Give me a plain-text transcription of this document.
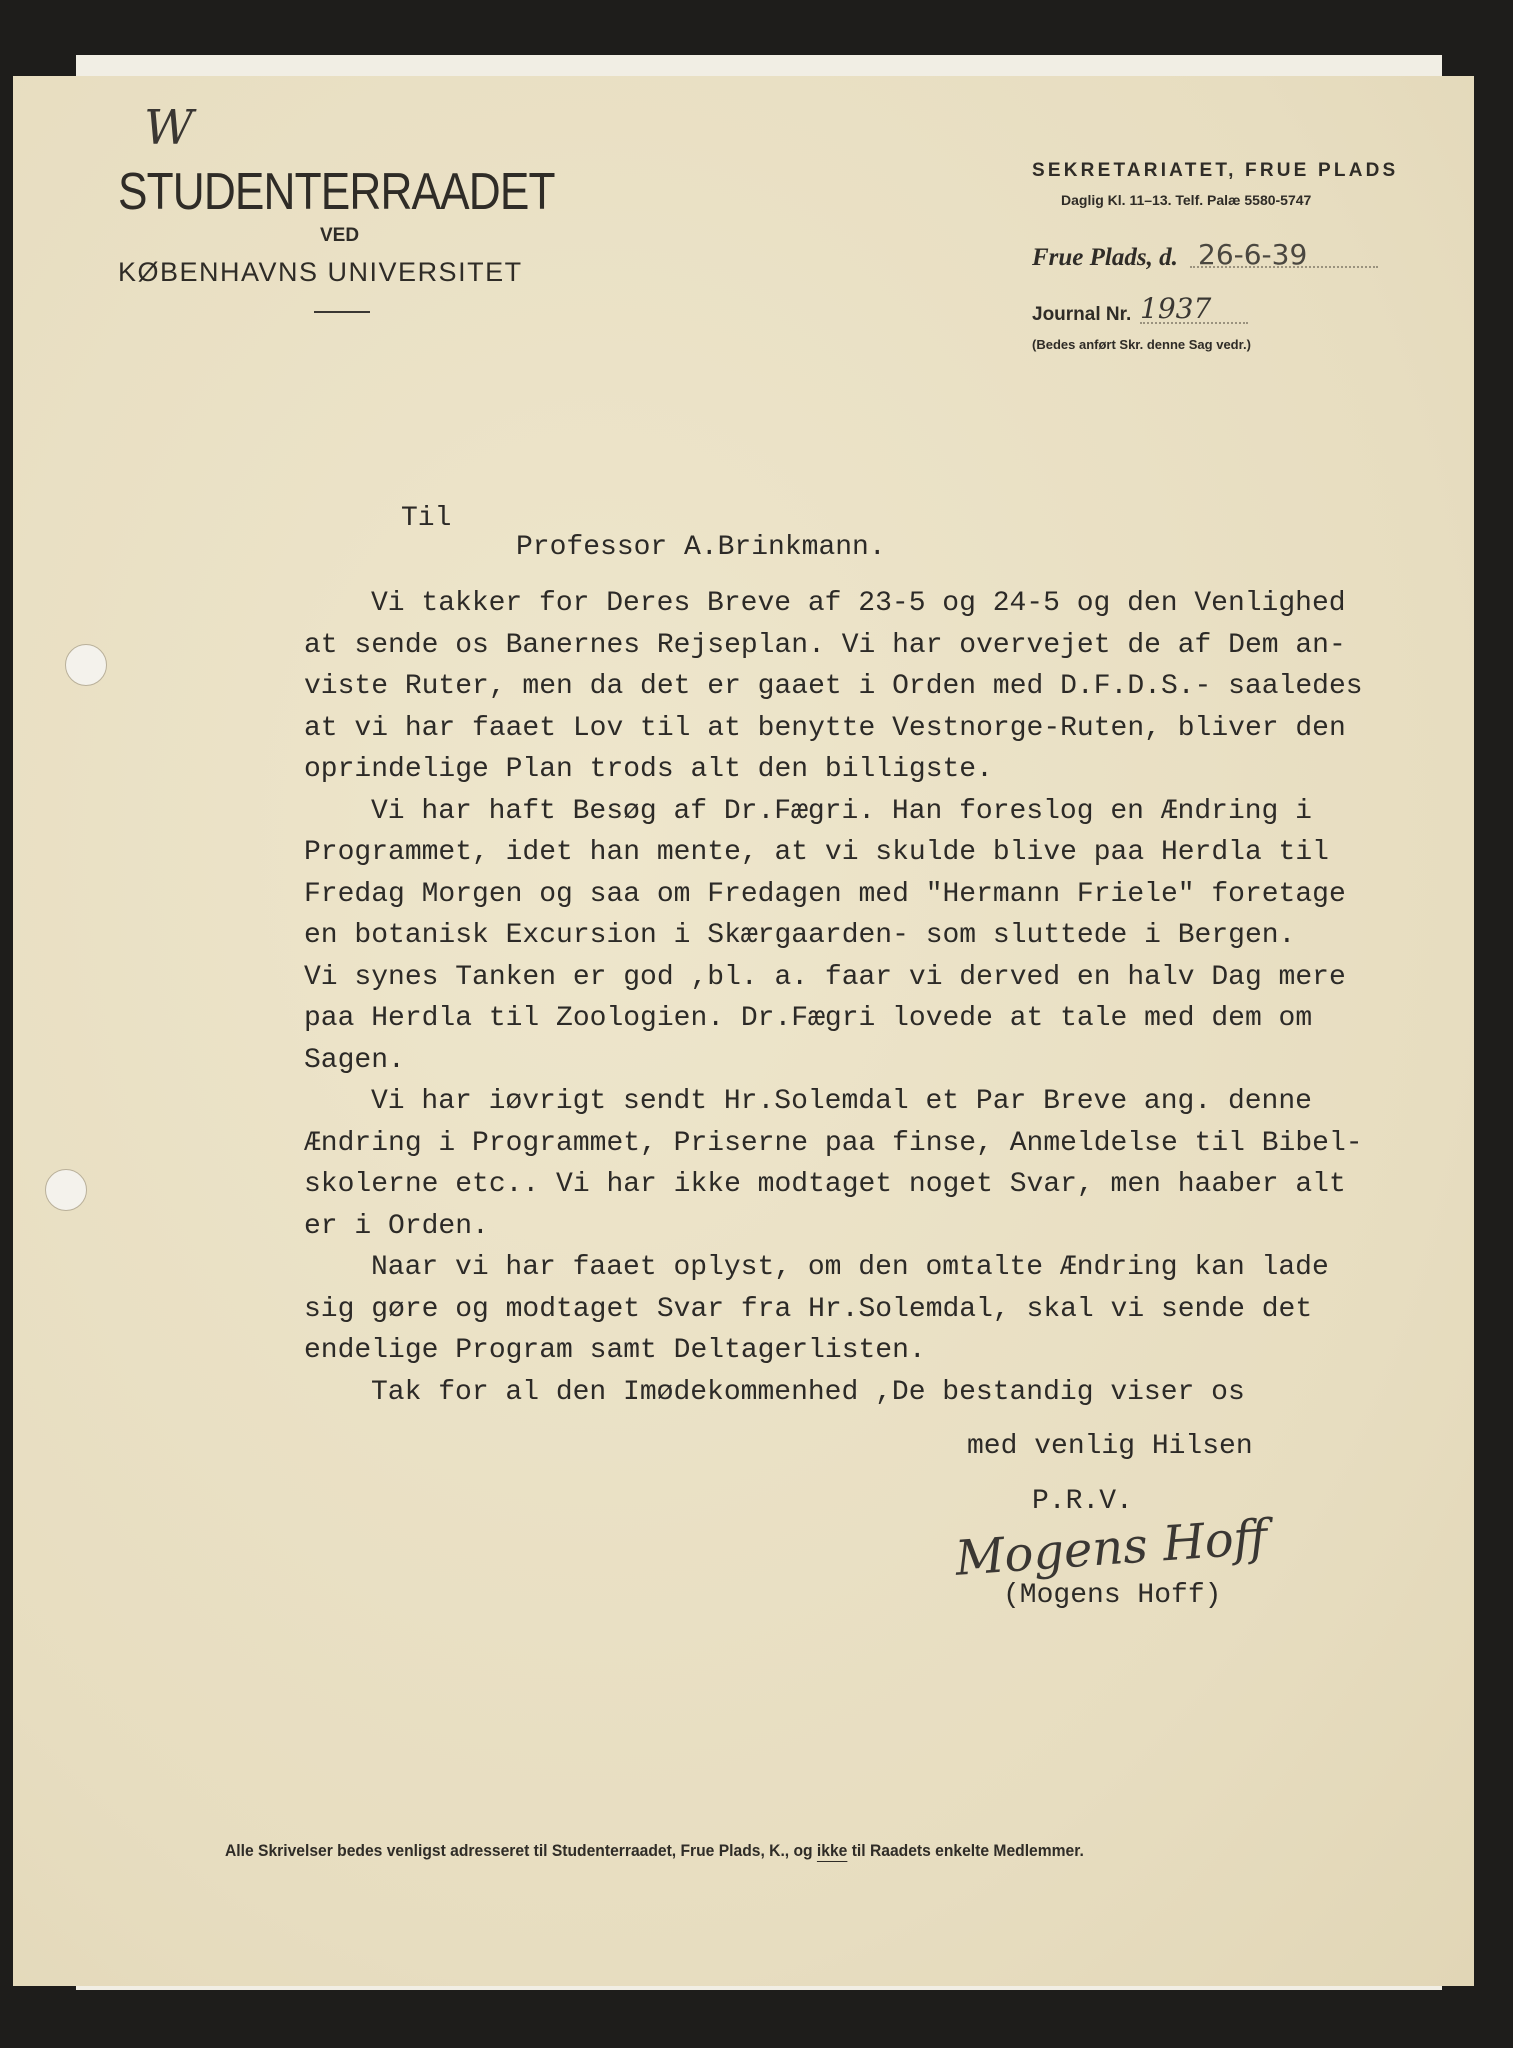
W
STUDENTERRAADET
VED
KØBENHAVNS UNIVERSITET
SEKRETARIATET, FRUE PLADS
Daglig Kl. 11–13. Telf. Palæ 5580-5747
Frue Plads, d. 26-6-39
Journal Nr. 1937
(Bedes anført Skr. denne Sag vedr.)
Til
Professor A.Brinkmann.
Vi takker for Deres Breve af 23-5 og 24-5 og den Venlighed
at sende os Banernes Rejseplan. Vi har overvejet de af Dem an-
viste Ruter, men da det er gaaet i Orden med D.F.D.S.- saaledes
at vi har faaet Lov til at benytte Vestnorge-Ruten, bliver den
oprindelige Plan trods alt den billigste.
Vi har haft Besøg af Dr.Fægri. Han foreslog en Ændring i
Programmet, idet han mente, at vi skulde blive paa Herdla til
Fredag Morgen og saa om Fredagen med "Hermann Friele" foretage
en botanisk Excursion i Skærgaarden- som sluttede i Bergen.
Vi synes Tanken er god ,bl. a. faar vi derved en halv Dag mere
paa Herdla til Zoologien. Dr.Fægri lovede at tale med dem om
Sagen.
Vi har iøvrigt sendt Hr.Solemdal et Par Breve ang. denne
Ændring i Programmet, Priserne paa finse, Anmeldelse til Bibel-
skolerne etc.. Vi har ikke modtaget noget Svar, men haaber alt
er i Orden.
Naar vi har faaet oplyst, om den omtalte Ændring kan lade
sig gøre og modtaget Svar fra Hr.Solemdal, skal vi sende det
endelige Program samt Deltagerlisten.
Tak for al den Imødekommenhed ,De bestandig viser os
med venlig Hilsen
P.R.V.
Mogens Hoff
(Mogens Hoff)
Alle Skrivelser bedes venligst adresseret til Studenterraadet, Frue Plads, K., og ikke til Raadets enkelte Medlemmer.
